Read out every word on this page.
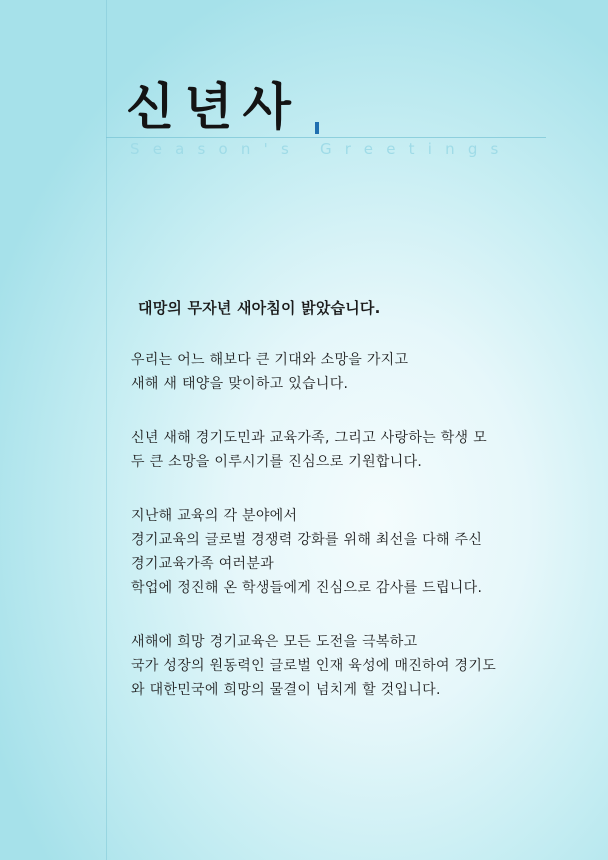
신년사
Season's Greetings

대망의 무자년 새아침이 밝았습니다.

우리는 어느 해보다 큰 기대와 소망을 가지고
새해 새 태양을 맞이하고 있습니다.
신년 새해 경기도민과 교육가족, 그리고 사랑하는 학생 모
두 큰 소망을 이루시기를 진심으로 기원합니다.
지난해 교육의 각 분야에서
경기교육의 글로벌 경쟁력 강화를 위해 최선을 다해 주신
경기교육가족 여러분과
학업에 정진해 온 학생들에게 진심으로 감사를 드립니다.
새해에 희망 경기교육은 모든 도전을 극복하고
국가 성장의 원동력인 글로벌 인재 육성에 매진하여 경기도
와 대한민국에 희망의 물결이 넘치게 할 것입니다.
